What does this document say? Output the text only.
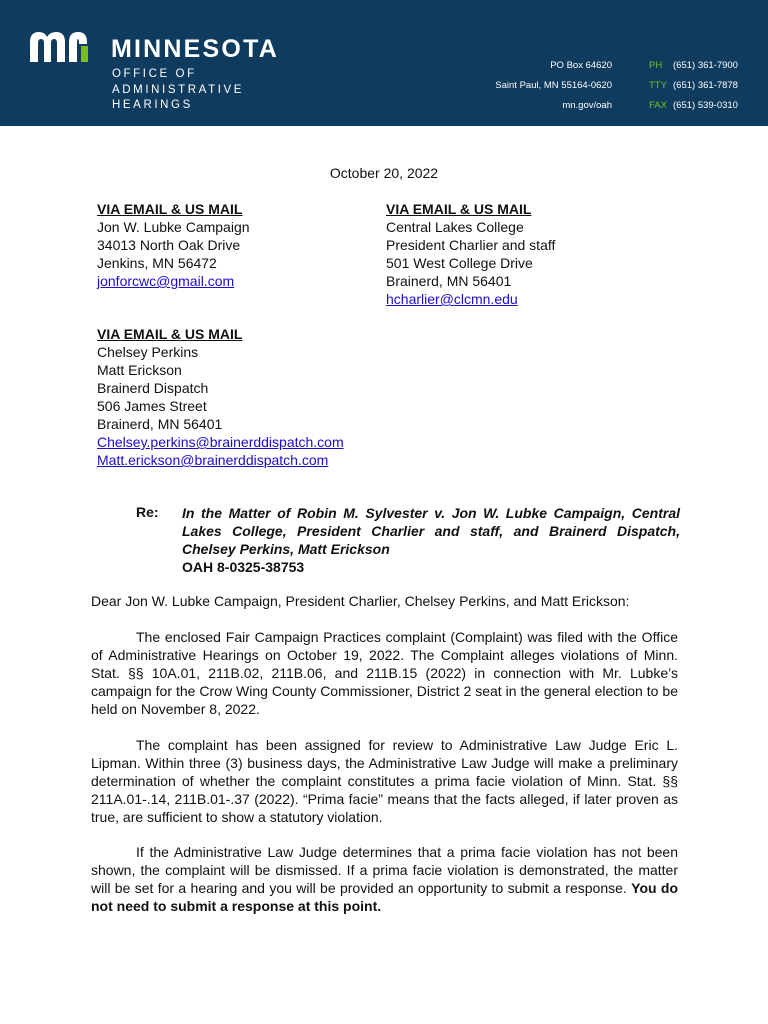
MINNESOTA
OFFICE OF
ADMINISTRATIVE
HEARINGS
PO Box 64620
Saint Paul, MN 55164-0620
mn.gov/oah
PH (651) 361-7900
TTY (651) 361-7878
FAX (651) 539-0310
October 20, 2022
VIA EMAIL & US MAIL
Jon W. Lubke Campaign
34013 North Oak Drive
Jenkins, MN 56472
jonforcwc@gmail.com
VIA EMAIL & US MAIL
Central Lakes College
President Charlier and staff
501 West College Drive
Brainerd, MN 56401
hcharlier@clcmn.edu
VIA EMAIL & US MAIL
Chelsey Perkins
Matt Erickson
Brainerd Dispatch
506 James Street
Brainerd, MN 56401
Chelsey.perkins@brainerddispatch.com
Matt.erickson@brainerddispatch.com
Re: In the Matter of Robin M. Sylvester v. Jon W. Lubke Campaign, Central Lakes College, President Charlier and staff, and Brainerd Dispatch, Chelsey Perkins, Matt Erickson
OAH 8-0325-38753
Dear Jon W. Lubke Campaign, President Charlier, Chelsey Perkins, and Matt Erickson:
The enclosed Fair Campaign Practices complaint (Complaint) was filed with the Office of Administrative Hearings on October 19, 2022. The Complaint alleges violations of Minn. Stat. §§ 10A.01, 211B.02, 211B.06, and 211B.15 (2022) in connection with Mr. Lubke’s campaign for the Crow Wing County Commissioner, District 2 seat in the general election to be held on November 8, 2022.
The complaint has been assigned for review to Administrative Law Judge Eric L. Lipman. Within three (3) business days, the Administrative Law Judge will make a preliminary determination of whether the complaint constitutes a prima facie violation of Minn. Stat. §§ 211A.01-.14, 211B.01-.37 (2022). “Prima facie” means that the facts alleged, if later proven as true, are sufficient to show a statutory violation.
If the Administrative Law Judge determines that a prima facie violation has not been shown, the complaint will be dismissed. If a prima facie violation is demonstrated, the matter will be set for a hearing and you will be provided an opportunity to submit a response. You do not need to submit a response at this point.
